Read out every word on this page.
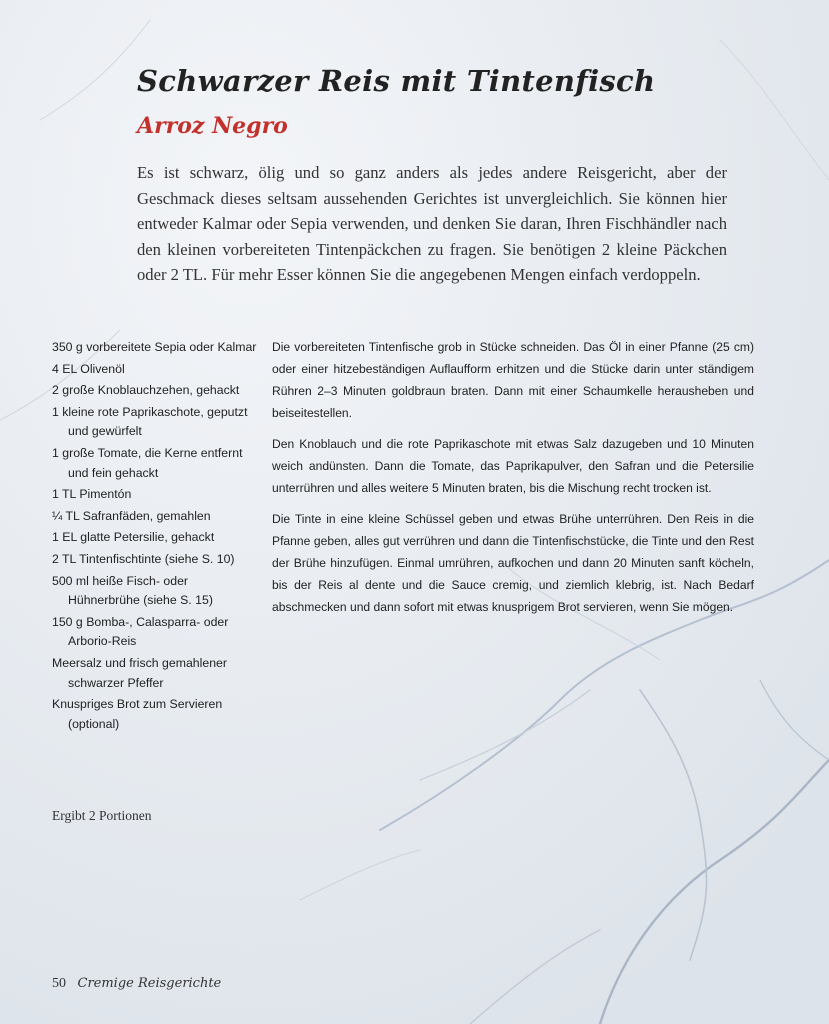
Schwarzer Reis mit Tintenfisch
Arroz Negro

Es ist schwarz, ölig und so ganz anders als jedes andere Reisgericht, aber der Geschmack dieses seltsam aussehenden Gerichtes ist unvergleichlich. Sie können hier entweder Kalmar oder Sepia verwenden, und denken Sie daran, Ihren Fischhändler nach den kleinen vorbereiteten Tintenpäckchen zu fragen. Sie benötigen 2 kleine Päckchen oder 2 TL. Für mehr Esser können Sie die angegebenen Mengen einfach verdoppeln.

350 g vorbereitete Sepia oder Kalmar
4 EL Olivenöl
2 große Knoblauchzehen, gehackt
1 kleine rote Paprikaschote, geputzt und gewürfelt
1 große Tomate, die Kerne entfernt und fein gehackt
1 TL Pimentón
¼ TL Safranfäden, gemahlen
1 EL glatte Petersilie, gehackt
2 TL Tintenfischtinte (siehe S. 10)
500 ml heiße Fisch- oder Hühnerbrühe (siehe S. 15)
150 g Bomba-, Calasparra- oder Arborio-Reis
Meersalz und frisch gemahlener schwarzer Pfeffer
Knuspriges Brot zum Servieren (optional)

Ergibt 2 Portionen

Die vorbereiteten Tintenfische grob in Stücke schneiden. Das Öl in einer Pfanne (25 cm) oder einer hitzebeständigen Auflaufform erhitzen und die Stücke darin unter ständigem Rühren 2–3 Minuten goldbraun braten. Dann mit einer Schaumkelle herausheben und beiseitestellen.

Den Knoblauch und die rote Paprikaschote mit etwas Salz dazugeben und 10 Minuten weich andünsten. Dann die Tomate, das Paprikapulver, den Safran und die Petersilie unterrühren und alles weitere 5 Minuten braten, bis die Mischung recht trocken ist.

Die Tinte in eine kleine Schüssel geben und etwas Brühe unterrühren. Den Reis in die Pfanne geben, alles gut verrühren und dann die Tintenfischstücke, die Tinte und den Rest der Brühe hinzufügen. Einmal umrühren, aufkochen und dann 20 Minuten sanft köcheln, bis der Reis al dente und die Sauce cremig, und ziemlich klebrig, ist. Nach Bedarf abschmecken und dann sofort mit etwas knusprigem Brot servieren, wenn Sie mögen.

50 Cremige Reisgerichte
